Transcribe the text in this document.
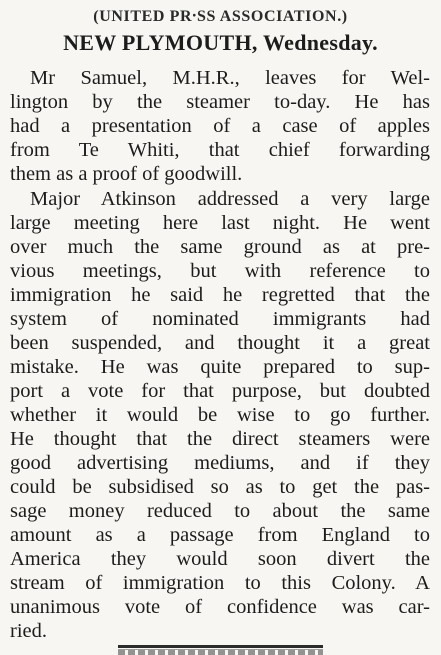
(UNITED PR⸱SS ASSOCIATION.)
NEW PLYMOUTH, Wednesday.
Mr Samuel, M.H.R., leaves for Wel-
lington by the steamer to-day. He has
had a presentation of a case of apples
from Te Whiti, that chief forwarding
them as a proof of goodwill.
Major Atkinson addressed a very large
large meeting here last night. He went
over much the same ground as at pre-
vious meetings, but with reference to
immigration he said he regretted that the
system of nominated immigrants had
been suspended, and thought it a great
mistake. He was quite prepared to sup-
port a vote for that purpose, but doubted
whether it would be wise to go further.
He thought that the direct steamers were
good advertising mediums, and if they
could be subsidised so as to get the pas-
sage money reduced to about the same
amount as a passage from England to
America they would soon divert the
stream of immigration to this Colony. A
unanimous vote of confidence was car-
ried.
